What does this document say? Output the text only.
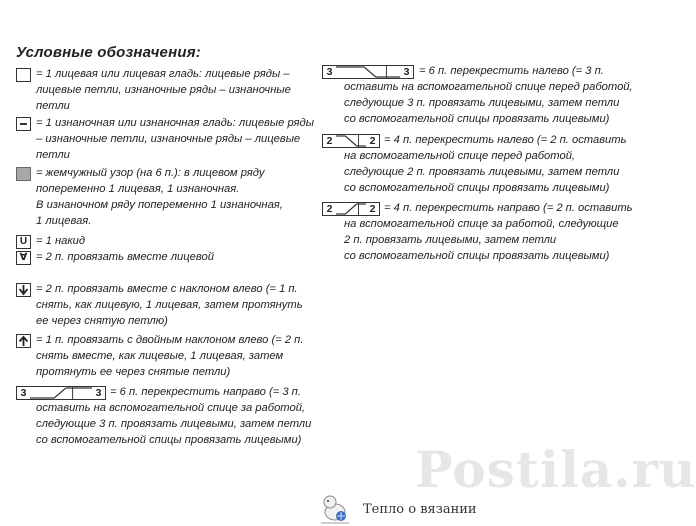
Условные обозначения:
= 1 лицевая или лицевая гладь: лицевые ряды –
лицевые петли, изнаночные ряды – изнаночные
петли
= 1 изнаночная или изнаночная гладь: лицевые ряды
– изнаночные петли, изнаночные ряды – лицевые
петли
= жемчужный узор (на 6 п.): в лицевом ряду
попеременно 1 лицевая, 1 изнаночная.
В изнаночном ряду попеременно 1 изнаночная,
1 лицевая.
U = 1 накид
∀ = 2 п. провязать вместе лицевой
= 2 п. провязать вместе с наклоном влево (= 1 п.
снять, как лицевую, 1 лицевая, затем протянуть
ее через снятую петлю)
= 1 п. провязать с двойным наклоном влево (= 2 п.
снять вместе, как лицевые, 1 лицевая, затем
протянуть ее через снятые петли)
3	3 = 6 п. перекрестить направо (= 3 п.
оставить на вспомогательной спице за работой,
следующие 3 п. провязать лицевыми, затем петли
со вспомогательной спицы провязать лицевыми)
3	3 = 6 п. перекрестить налево (= 3 п.
оставить на вспомогательной спице перед работой,
следующие 3 п. провязать лицевыми, затем петли
со вспомогательной спицы провязать лицевыми)
2	2 = 4 п. перекрестить налево (= 2 п. оставить
на вспомогательной спице перед работой,
следующие 2 п. провязать лицевыми, затем петли
со вспомогательной спицы провязать лицевыми)
2	2 = 4 п. перекрестить направо (= 2 п. оставить
на вспомогательной спице за работой, следующие
2 п. провязать лицевыми, затем петли
со вспомогательной спицы провязать лицевыми)
Postila.ru
Тепло о вязании
